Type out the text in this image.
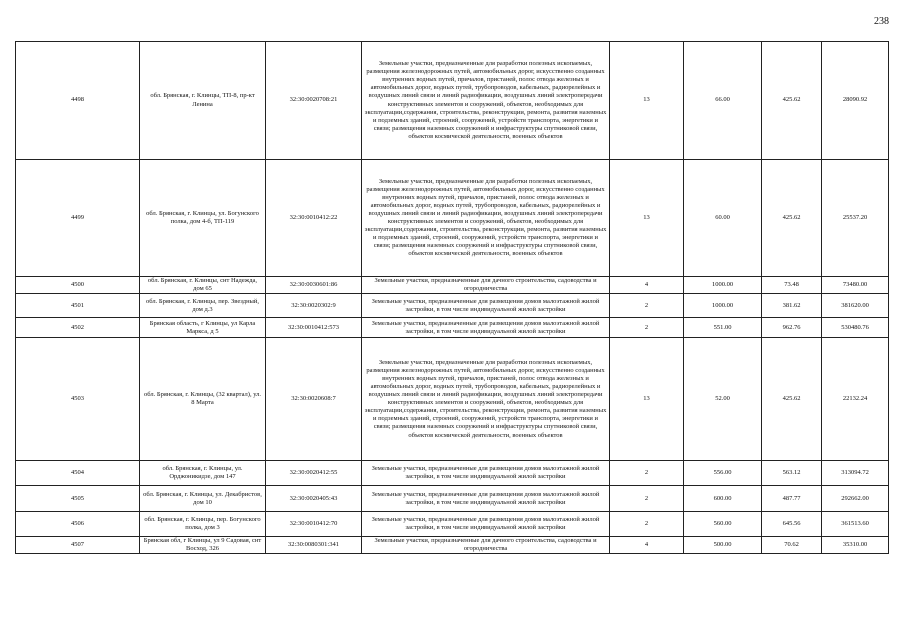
238
4498	обл. Брянская, г. Клинцы, ТП-8, пр-кт Ленина	32:30:0020708:21	Земельные участки, предназначенные для разработки полезных ископаемых, размещения железнодорожных путей, автомобильных дорог, искусственно созданных внутренних водных путей, причалов, пристаней, полос отвода железных и автомобильных дорог, водных путей, трубопроводов, кабельных, радиорелейных и воздушных линий связи и линий радиофикации, воздушных линий электропередачи конструктивных элементов и сооружений, объектов, необходимых для эксплуатации,содержания, строительства, реконструкции, ремонта, развития наземных и подземных зданий, строений, сооружений, устройств транспорта, энергетики и связи; размещения наземных сооружений и инфраструктуры спутниковой связи, объектов космической деятельности, военных объектов	13	66.00	425.62	28090.92
4499	обл. Брянская, г. Клинцы, ул. Богунского полка, дом 4-б, ТП-119	32:30:0010412:22	Земельные участки, предназначенные для разработки полезных ископаемых, размещения железнодорожных путей, автомобильных дорог, искусственно созданных внутренних водных путей, причалов, пристаней, полос отвода железных и автомобильных дорог, водных путей, трубопроводов, кабельных, радиорелейных и воздушных линий связи и линий радиофикации, воздушных линий электропередачи конструктивных элементов и сооружений, объектов, необходимых для эксплуатации,содержания, строительства, реконструкции, ремонта, развития наземных и подземных зданий, строений, сооружений, устройств транспорта, энергетики и связи; размещения наземных сооружений и инфраструктуры спутниковой связи, объектов космической деятельности, военных объектов	13	60.00	425.62	25537.20
4500	обл. Брянская, г. Клинцы, снт Надежда, дом 65	32:30:0030601:86	Земельные участки, предназначенные для дачного строительства, садоводства и огородничества	4	1000.00	73.48	73480.00
4501	обл. Брянская, г. Клинцы, пер. Звездный, дом д.3	32:30:0020302:9	Земельные участки, предназначенные для размещения домов малоэтажной жилой застройки, в том числе индивидуальной жилой застройки	2	1000.00	381.62	381620.00
4502	Брянская область, г Клинцы, ул Карла Маркса, д 5	32:30:0010412:573	Земельные участки, предназначенные для размещения домов малоэтажной жилой застройки, в том числе индивидуальной жилой застройки	2	551.00	962.76	530480.76
4503	обл. Брянская, г. Клинцы, (32 квартал), ул. 8 Марта	32:30:0020608:7	Земельные участки, предназначенные для разработки полезных ископаемых, размещения железнодорожных путей, автомобильных дорог, искусственно созданных внутренних водных путей, причалов, пристаней, полос отвода железных и автомобильных дорог, водных путей, трубопроводов, кабельных, радиорелейных и воздушных линий связи и линий радиофикации, воздушных линий электропередачи конструктивных элементов и сооружений, объектов, необходимых для эксплуатации,содержания, строительства, реконструкции, ремонта, развития наземных и подземных зданий, строений, сооружений, устройств транспорта, энергетики и связи; размещения наземных сооружений и инфраструктуры спутниковой связи, объектов космической деятельности, военных объектов	13	52.00	425.62	22132.24
4504	обл. Брянская, г. Клинцы, ул. Орджоникидзе, дом 147	32:30:0020412:55	Земельные участки, предназначенные для размещения домов малоэтажной жилой застройки, в том числе индивидуальной жилой застройки	2	556.00	563.12	313094.72
4505	обл. Брянская, г. Клинцы, ул. Декабристов, дом 10	32:30:0020405:43	Земельные участки, предназначенные для размещения домов малоэтажной жилой застройки, в том числе индивидуальной жилой застройки	2	600.00	487.77	292662.00
4506	обл. Брянская, г. Клинцы, пер. Богунского полка, дом 3	32:30:0010412:70	Земельные участки, предназначенные для размещения домов малоэтажной жилой застройки, в том числе индивидуальной жилой застройки	2	560.00	645.56	361513.60
4507	Брянская обл, г Клинцы, ул 9 Садовая, снт Восход, 326	32:30:0080301:341	Земельные участки, предназначенные для дачного строительства, садоводства и огородничества	4	500.00	70.62	35310.00
